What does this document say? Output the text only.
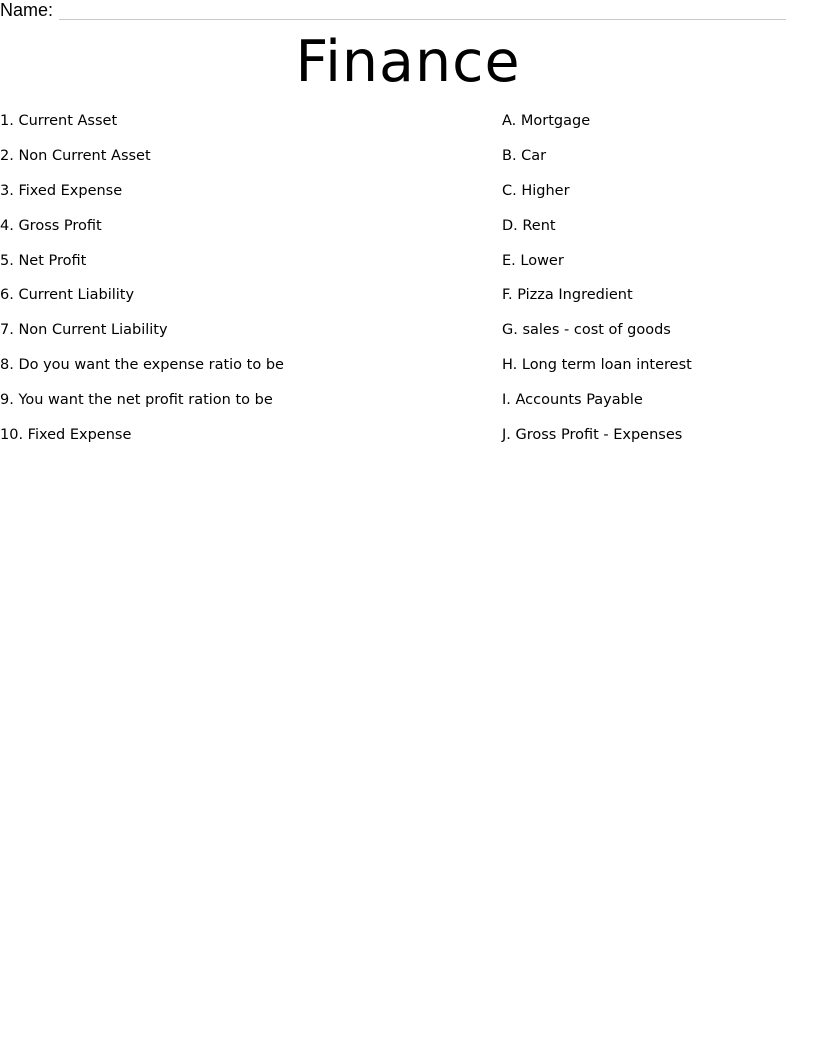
Name:
Finance
1. Current Asset
2. Non Current Asset
3. Fixed Expense
4. Gross Profit
5. Net Profit
6. Current Liability
7. Non Current Liability
8. Do you want the expense ratio to be
9. You want the net profit ration to be
10. Fixed Expense
A. Mortgage
B. Car
C. Higher
D. Rent
E. Lower
F. Pizza Ingredient
G. sales - cost of goods
H. Long term loan interest
I. Accounts Payable
J. Gross Profit - Expenses
